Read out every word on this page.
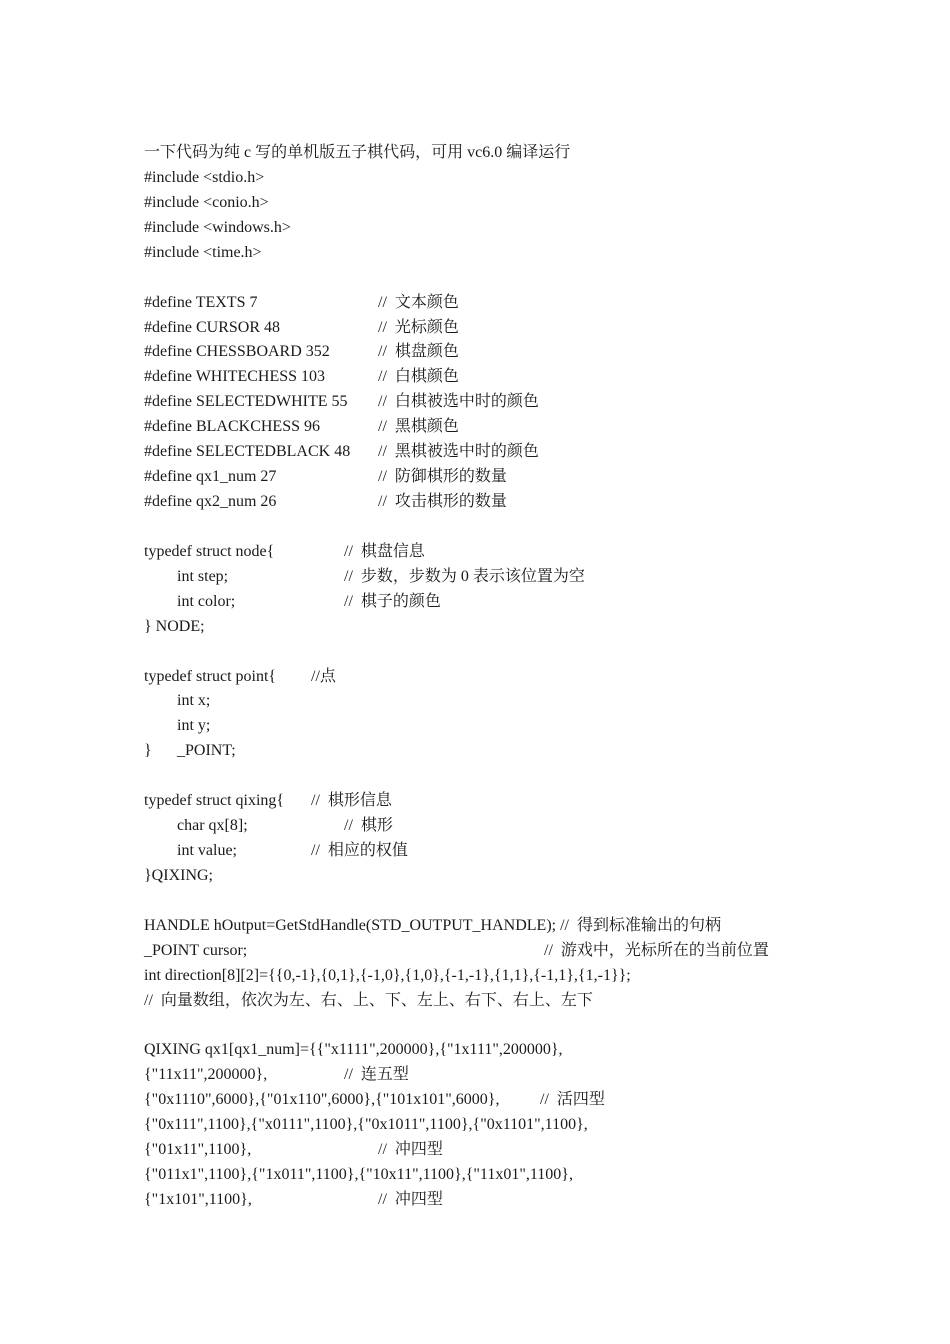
一下代码为纯 c 写的单机版五子棋代码，可用 vc6.0 编译运行
#include <stdio.h>
#include <conio.h>
#include <windows.h>
#include <time.h>
#define TEXTS 7	//  文本颜色
#define CURSOR 48	//  光标颜色
#define CHESSBOARD 352	//  棋盘颜色
#define WHITECHESS 103	//  白棋颜色
#define SELECTEDWHITE 55 //  白棋被选中时的颜色
#define BLACKCHESS 96	//  黑棋颜色
#define SELECTEDBLACK 48 //  黑棋被选中时的颜色
#define qx1_num 27	//  防御棋形的数量
#define qx2_num 26	//  攻击棋形的数量
typedef struct node{	//  棋盘信息
int step;	//  步数，步数为 0 表示该位置为空
int color;	//  棋子的颜色
} NODE;
typedef struct point{ //点
int x;
int y;
} _POINT;
typedef struct qixing{ //  棋形信息
char qx[8];	//  棋形
int value;	//  相应的权值
}QIXING;
HANDLE hOutput=GetStdHandle(STD_OUTPUT_HANDLE); //  得到标准输出的句柄
_POINT cursor;	//  游戏中，光标所在的当前位置
int direction[8][2]={{0,-1},{0,1},{-1,0},{1,0},{-1,-1},{1,1},{-1,1},{1,-1}};
//  向量数组，依次为左、右、上、下、左上、右下、右上、左下
QIXING qx1[qx1_num]={{"x1111",200000},{"1x111",200000},
{"11x11",200000},	//  连五型
{"0x1110",6000},{"01x110",6000},{"101x101",6000},	//  活四型
{"0x111",1100},{"x0111",1100},{"0x1011",1100},{"0x1101",1100},
{"01x11",1100},	//  冲四型
{"011x1",1100},{"1x011",1100},{"10x11",1100},{"11x01",1100},
{"1x101",1100},	//  冲四型
